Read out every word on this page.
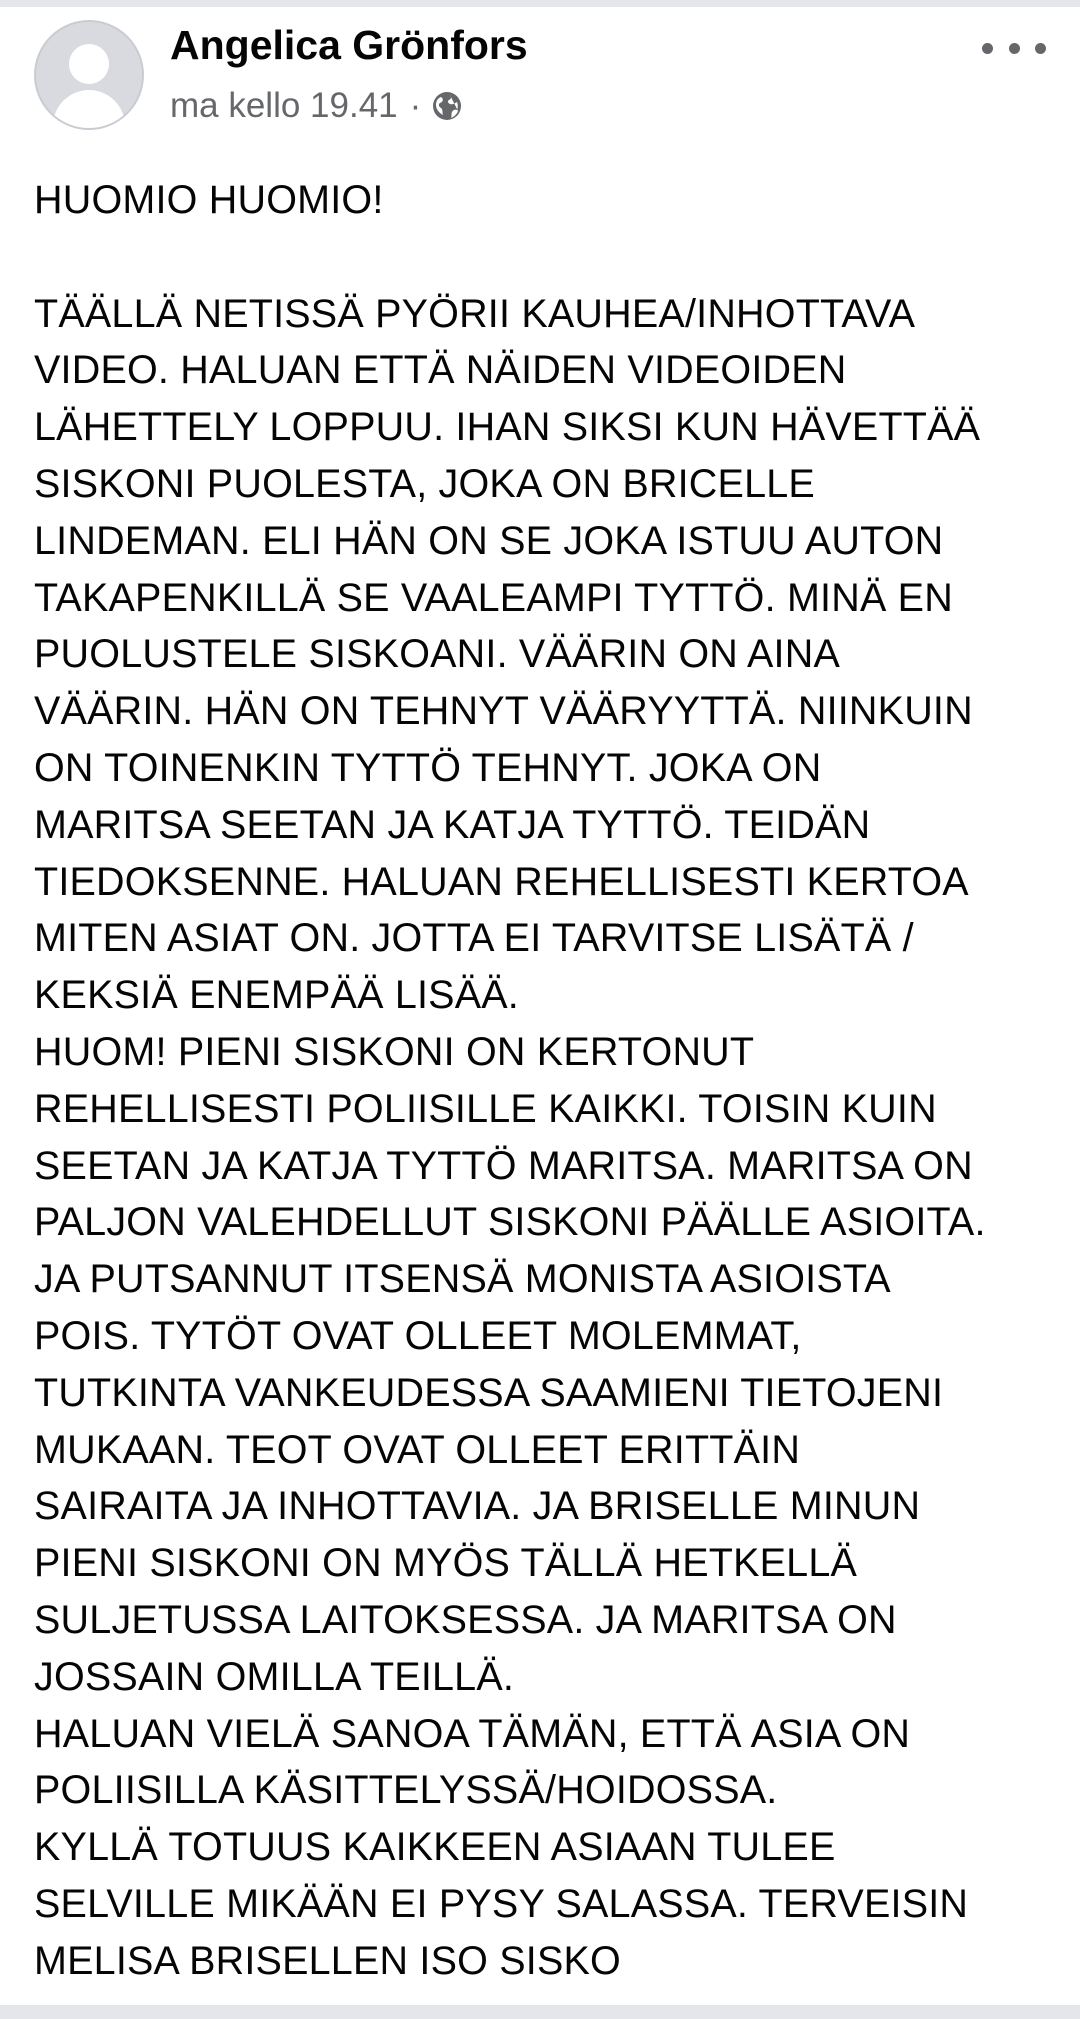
Angelica Grönfors
ma kello 19.41 ·
HUOMIO HUOMIO!
TÄÄLLÄ NETISSÄ PYÖRII KAUHEA/INHOTTAVA
VIDEO. HALUAN ETTÄ NÄIDEN VIDEOIDEN
LÄHETTELY LOPPUU. IHAN SIKSI KUN HÄVETTÄÄ
SISKONI PUOLESTA, JOKA ON BRICELLE
LINDEMAN. ELI HÄN ON SE JOKA ISTUU AUTON
TAKAPENKILLÄ SE VAALEAMPI TYTTÖ. MINÄ EN
PUOLUSTELE SISKOANI. VÄÄRIN ON AINA
VÄÄRIN. HÄN ON TEHNYT VÄÄRYYTTÄ. NIINKUIN
ON TOINENKIN TYTTÖ TEHNYT. JOKA ON
MARITSA SEETAN JA KATJA TYTTÖ. TEIDÄN
TIEDOKSENNE. HALUAN REHELLISESTI KERTOA
MITEN ASIAT ON. JOTTA EI TARVITSE LISÄTÄ /
KEKSIÄ ENEMPÄÄ LISÄÄ.
HUOM! PIENI SISKONI ON KERTONUT
REHELLISESTI POLIISILLE KAIKKI. TOISIN KUIN
SEETAN JA KATJA TYTTÖ MARITSA. MARITSA ON
PALJON VALEHDELLUT SISKONI PÄÄLLE ASIOITA.
JA PUTSANNUT ITSENSÄ MONISTA ASIOISTA
POIS. TYTÖT OVAT OLLEET MOLEMMAT,
TUTKINTA VANKEUDESSA SAAMIENI TIETOJENI
MUKAAN. TEOT OVAT OLLEET ERITTÄIN
SAIRAITA JA INHOTTAVIA. JA BRISELLE MINUN
PIENI SISKONI ON MYÖS TÄLLÄ HETKELLÄ
SULJETUSSA LAITOKSESSA. JA MARITSA ON
JOSSAIN OMILLA TEILLÄ.
HALUAN VIELÄ SANOA TÄMÄN, ETTÄ ASIA ON
POLIISILLA KÄSITTELYSSÄ/HOIDOSSA.
KYLLÄ TOTUUS KAIKKEEN ASIAAN TULEE
SELVILLE MIKÄÄN EI PYSY SALASSA. TERVEISIN
MELISA BRISELLEN ISO SISKO
